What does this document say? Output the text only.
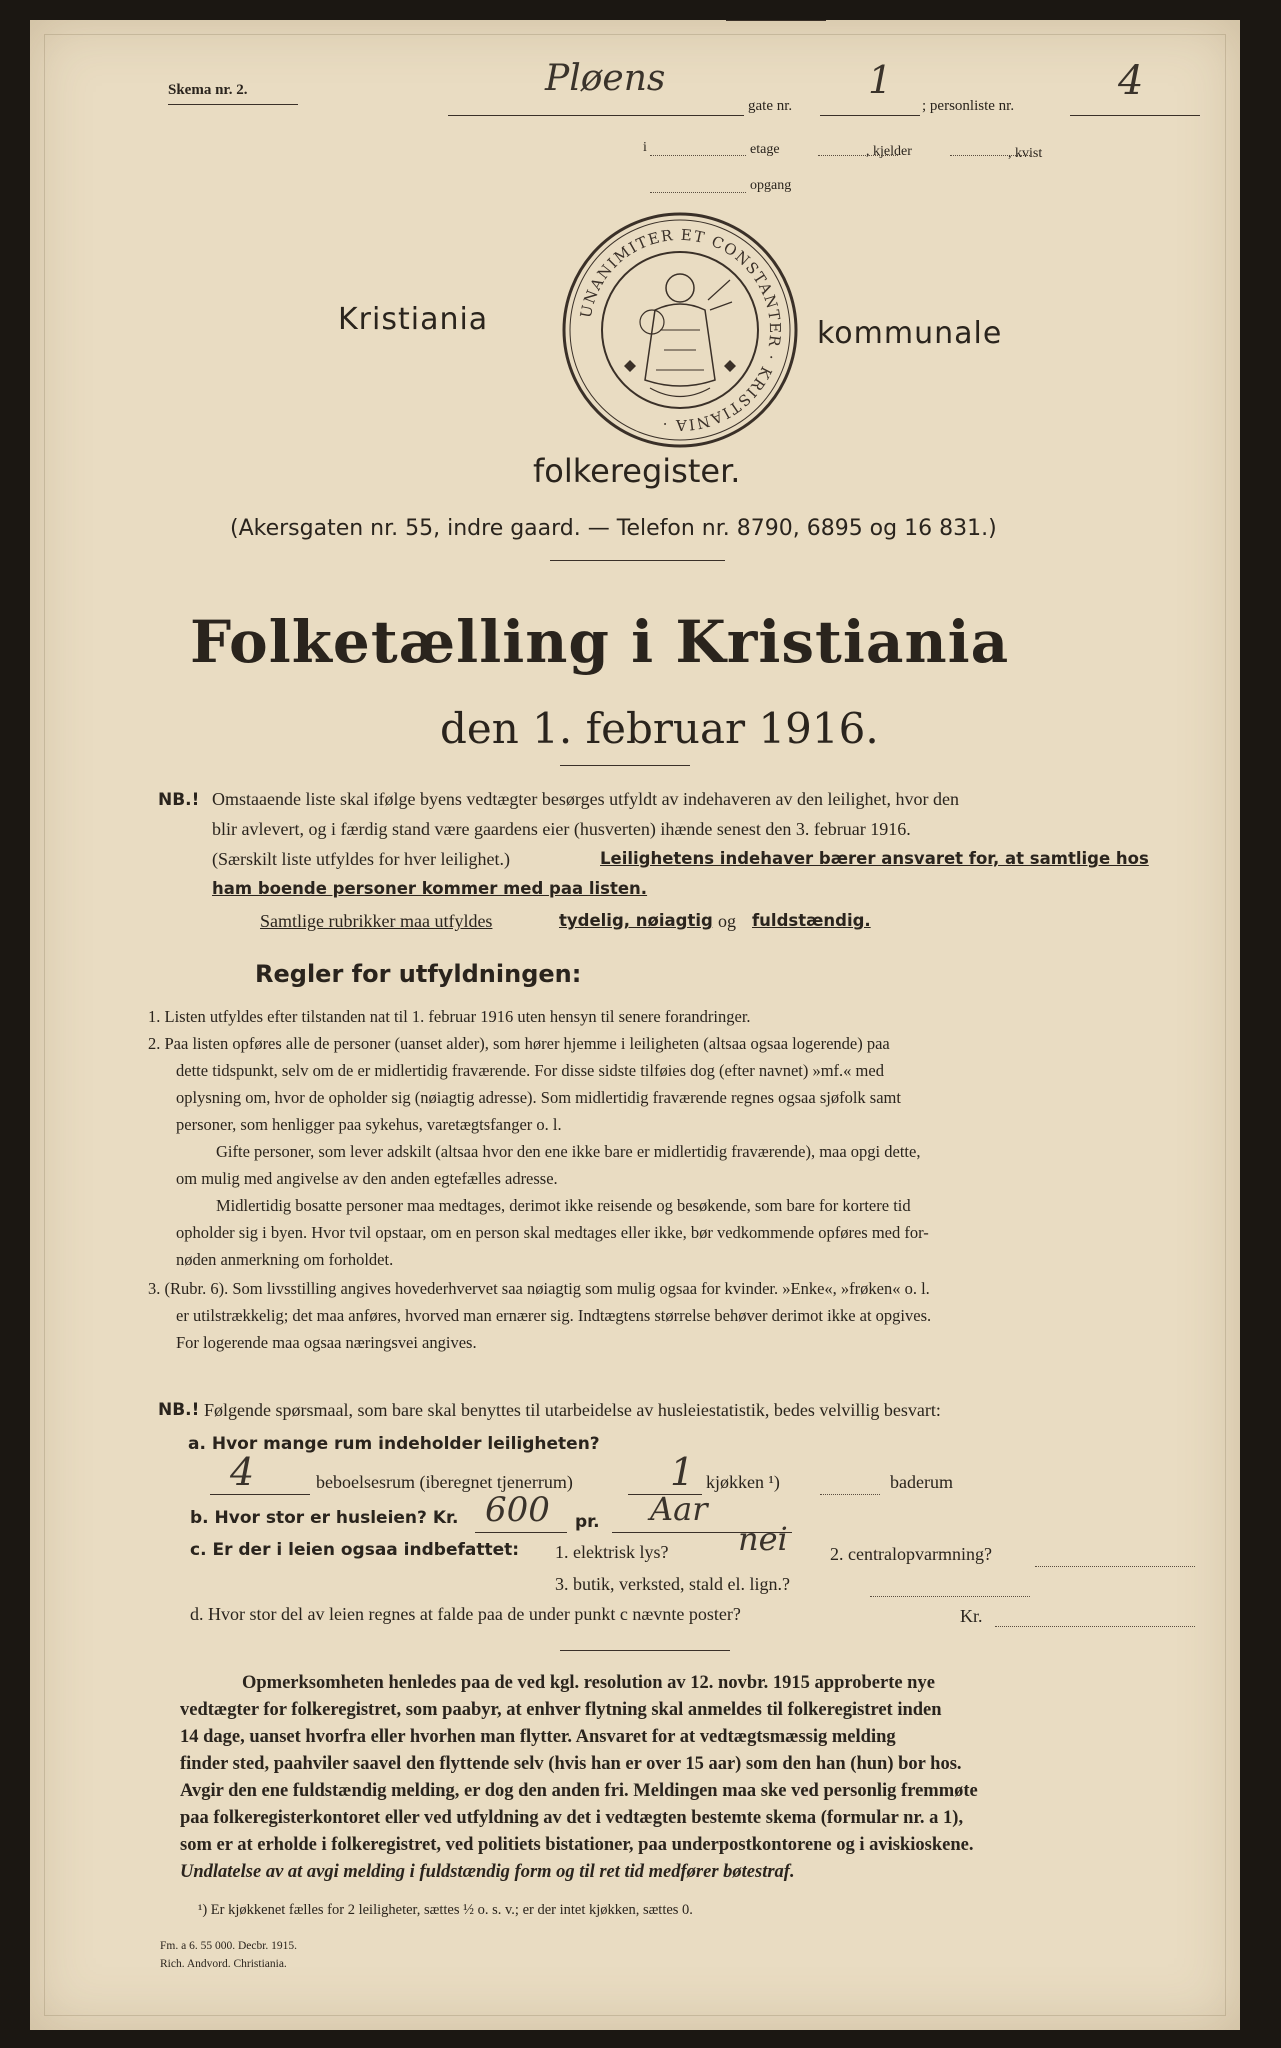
Skema nr. 2.	Pløens
gate nr.
1
; personliste nr.
4
i	etage	, kjelder	, kvist
opgang
Kristiania	UNANIMITER ET CONSTANTER · KRISTIANIA ·
kommunale
folkeregister.
(Akersgaten nr. 55, indre gaard. — Telefon nr. 8790, 6895 og 16 831.)
Folketælling i Kristiania
den 1. februar 1916.
NB.! Omstaaende liste skal ifølge byens vedtægter besørges utfyldt av indehaveren av den leilighet, hvor den
blir avlevert, og i færdig stand være gaardens eier (husverten) ihænde senest den 3. februar 1916.
(Særskilt liste utfyldes for hver leilighet.)	Leilighetens indehaver bærer ansvaret for, at samtlige hos
ham boende personer kommer med paa listen.
Samtlige rubrikker maa utfyldes	tydelig, nøiagtig og fuldstændig.
Regler for utfyldningen:
1. Listen utfyldes efter tilstanden nat til 1. februar 1916 uten hensyn til senere forandringer.
2. Paa listen opføres alle de personer (uanset alder), som hører hjemme i leiligheten (altsaa ogsaa logerende) paa
dette tidspunkt, selv om de er midlertidig fraværende. For disse sidste tilføies dog (efter navnet) »mf.« med
oplysning om, hvor de opholder sig (nøiagtig adresse). Som midlertidig fraværende regnes ogsaa sjøfolk samt
personer, som henligger paa sykehus, varetægtsfanger o. l.
Gifte personer, som lever adskilt (altsaa hvor den ene ikke bare er midlertidig fraværende), maa opgi dette,
om mulig med angivelse av den anden egtefælles adresse.
Midlertidig bosatte personer maa medtages, derimot ikke reisende og besøkende, som bare for kortere tid
opholder sig i byen. Hvor tvil opstaar, om en person skal medtages eller ikke, bør vedkommende opføres med for-
nøden anmerkning om forholdet.
3. (Rubr. 6). Som livsstilling angives hovederhvervet saa nøiagtig som mulig ogsaa for kvinder. »Enke«, »frøken« o. l.
er utilstrækkelig; det maa anføres, hvorved man ernærer sig. Indtægtens størrelse behøver derimot ikke at opgives.
For logerende maa ogsaa næringsvei angives.
NB.! Følgende spørsmaal, som bare skal benyttes til utarbeidelse av husleiestatistik, bedes velvillig besvart:
a. Hvor mange rum indeholder leiligheten?
4	beboelsesrum (iberegnet tjenerrum)	1 kjøkken ¹)	baderum
b. Hvor stor er husleien? Kr. 600 pr. Aar
c. Er der i leien ogsaa indbefattet: 1. elektrisk lys? nei 2. centralopvarmning?
3. butik, verksted, stald el. lign.?
d. Hvor stor del av leien regnes at falde paa de under punkt c nævnte poster?	Kr.
Opmerksomheten henledes paa de ved kgl. resolution av 12. novbr. 1915 approberte nye
vedtægter for folkeregistret, som paabyr, at enhver flytning skal anmeldes til folkeregistret inden
14 dage, uanset hvorfra eller hvorhen man flytter. Ansvaret for at vedtægtsmæssig melding
finder sted, paahviler saavel den flyttende selv (hvis han er over 15 aar) som den han (hun) bor hos.
Avgir den ene fuldstændig melding, er dog den anden fri. Meldingen maa ske ved personlig fremmøte
paa folkeregisterkontoret eller ved utfyldning av det i vedtægten bestemte skema (formular nr. a 1),
som er at erholde i folkeregistret, ved politiets bistationer, paa underpostkontorene og i aviskioskene.
Undlatelse av at avgi melding i fuldstændig form og til ret tid medfører bøtestraf.
¹) Er kjøkkenet fælles for 2 leiligheter, sættes ½ o. s. v.; er der intet kjøkken, sættes 0.
Fm. a 6. 55 000. Decbr. 1915.
Rich. Andvord. Christiania.
